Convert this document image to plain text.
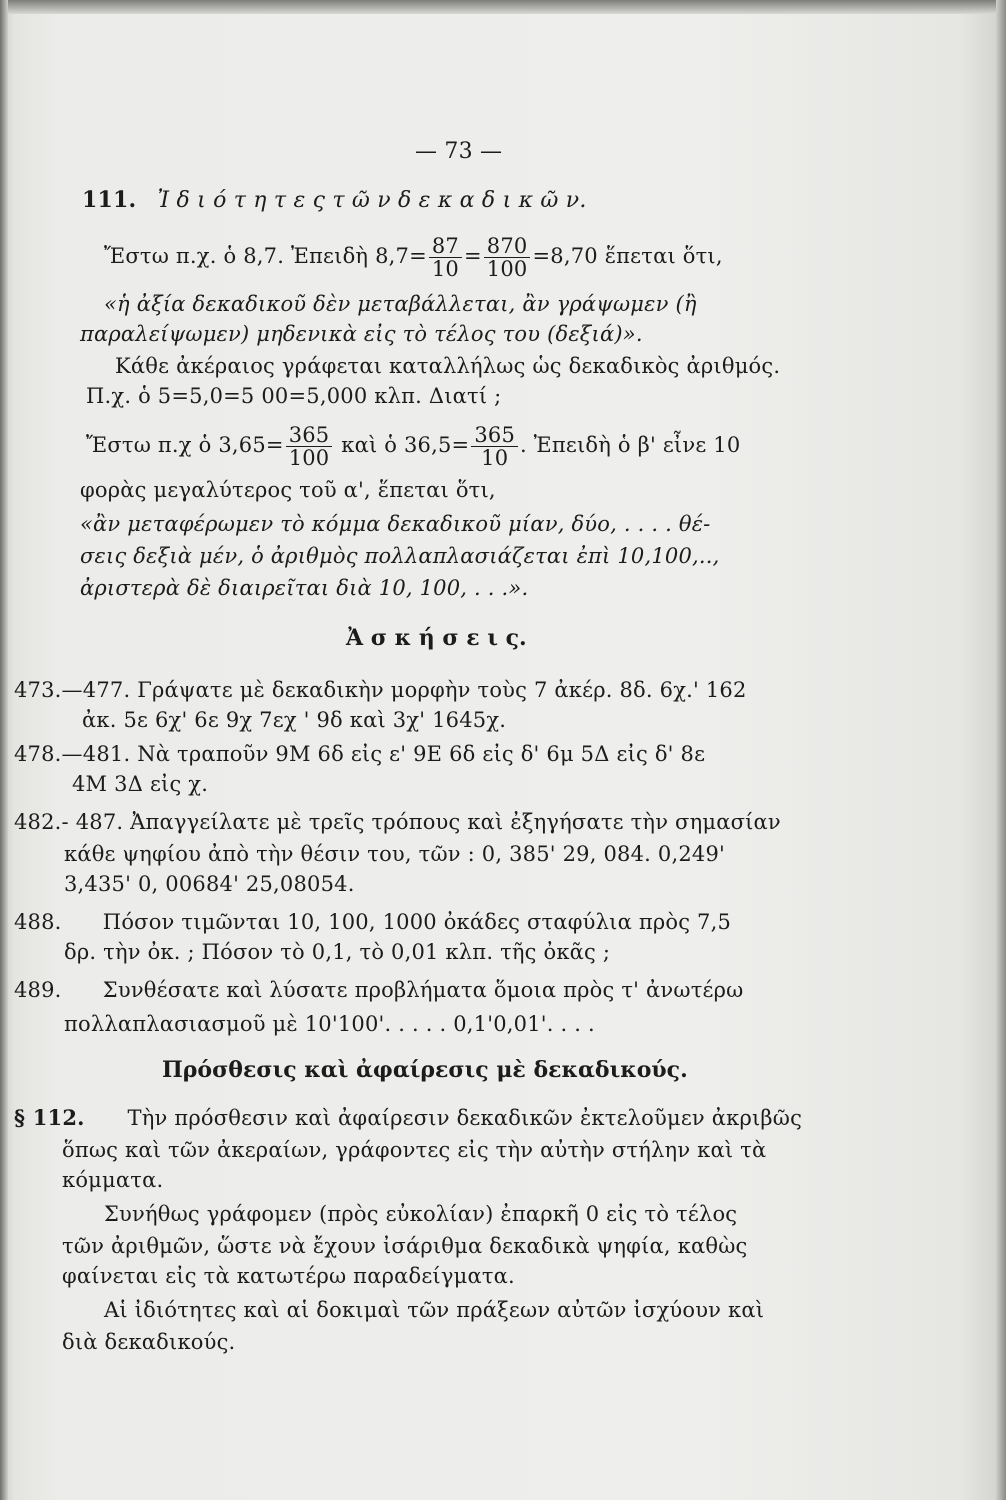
— 73 —
111. Ἰ δ ι ό τ η τ ε ς τ ῶ ν δ ε κ α δ ι κ ῶ ν.
Ἔστω π.χ. ὁ 8,7. Ἐπειδὴ $8,7= \frac{87}{10} = \frac{870}{100} =8,70$ ἕπεται ὅτι,
«ἡ ἀξία δεκαδικοῦ δὲν μεταβάλλεται, ἂν γράψωμεν (ἢ
παραλείψωμεν) μηδενικὰ εἰς τὸ τέλος του (δεξιά)».
Κάθε ἀκέραιος γράφεται καταλλήλως ὡς δεκαδικὸς ἀριθμός.
Π.χ. ὁ 5=5,0=5 00=5,000 κλπ. Διατί ;
Ἔστω π.χ ὁ $3,65= \frac{365}{100}$ καὶ ὁ $36,5= \frac{365}{10}$ . Ἐπειδὴ ὁ β' εἶνε 10
φορὰς μεγαλύτερος τοῦ α', ἕπεται ὅτι,
«ἂν μεταφέρωμεν τὸ κόμμα δεκαδικοῦ μίαν, δύο, . . . . θέ-
σεις δεξιὰ μέν, ὁ ἀριθμὸς πολλαπλασιάζεται ἐπὶ 10,100,..,
ἀριστερὰ δὲ διαιρεῖται διὰ 10, 100, . . .».
Ἀ σ κ ή σ ε ι ς.
473.—477. Γράψατε μὲ δεκαδικὴν μορφὴν τοὺς 7 ἀκέρ. 8δ. 6χ.' 162
ἀκ. 5ε 6χ' 6ε 9χ 7εχ ' 9δ καὶ 3χ' 1645χ.
478.—481. Νὰ τραποῦν 9Μ 6δ εἰς ε' 9Ε 6δ εἰς δ' 6μ 5Δ εἰς δ' 8ε
4Μ 3Δ εἰς χ.
482.- 487. Ἀπαγγείλατε μὲ τρεῖς τρόπους καὶ ἐξηγήσατε τὴν σημασίαν
κάθε ψηφίου ἀπὸ τὴν θέσιν του, τῶν : 0, 385' 29, 084. 0,249'
3,435' 0, 00684' 25,08054.
488.      Πόσον τιμῶνται 10, 100, 1000 ὀκάδες σταφύλια πρὸς 7,5
δρ. τὴν ὀκ. ; Πόσον τὸ 0,1, τὸ 0,01 κλπ. τῆς ὀκᾶς ;
489.      Συνθέσατε καὶ λύσατε προβλήματα ὅμοια πρὸς τ' ἀνωτέρω
πολλαπλασιασμοῦ μὲ 10'100'. . . . . 0,1'0,01'. . . .
Πρόσθεσις καὶ ἀφαίρεσις μὲ δεκαδικούς.
§ 112. Τὴν πρόσθεσιν καὶ ἀφαίρεσιν δεκαδικῶν ἐκτελοῦμεν ἀκριβῶς
ὅπως καὶ τῶν ἀκεραίων, γράφοντες εἰς τὴν αὐτὴν στήλην καὶ τὰ
κόμματα.
Συνήθως γράφομεν (πρὸς εὐκολίαν) ἐπαρκῆ 0 εἰς τὸ τέλος
τῶν ἀριθμῶν, ὥστε νὰ ἔχουν ἰσάριθμα δεκαδικὰ ψηφία, καθὼς
φαίνεται εἰς τὰ κατωτέρω παραδείγματα.
Αἱ ἰδιότητες καὶ αἱ δοκιμαὶ τῶν πράξεων αὐτῶν ἰσχύουν καὶ
διὰ δεκαδικούς.
